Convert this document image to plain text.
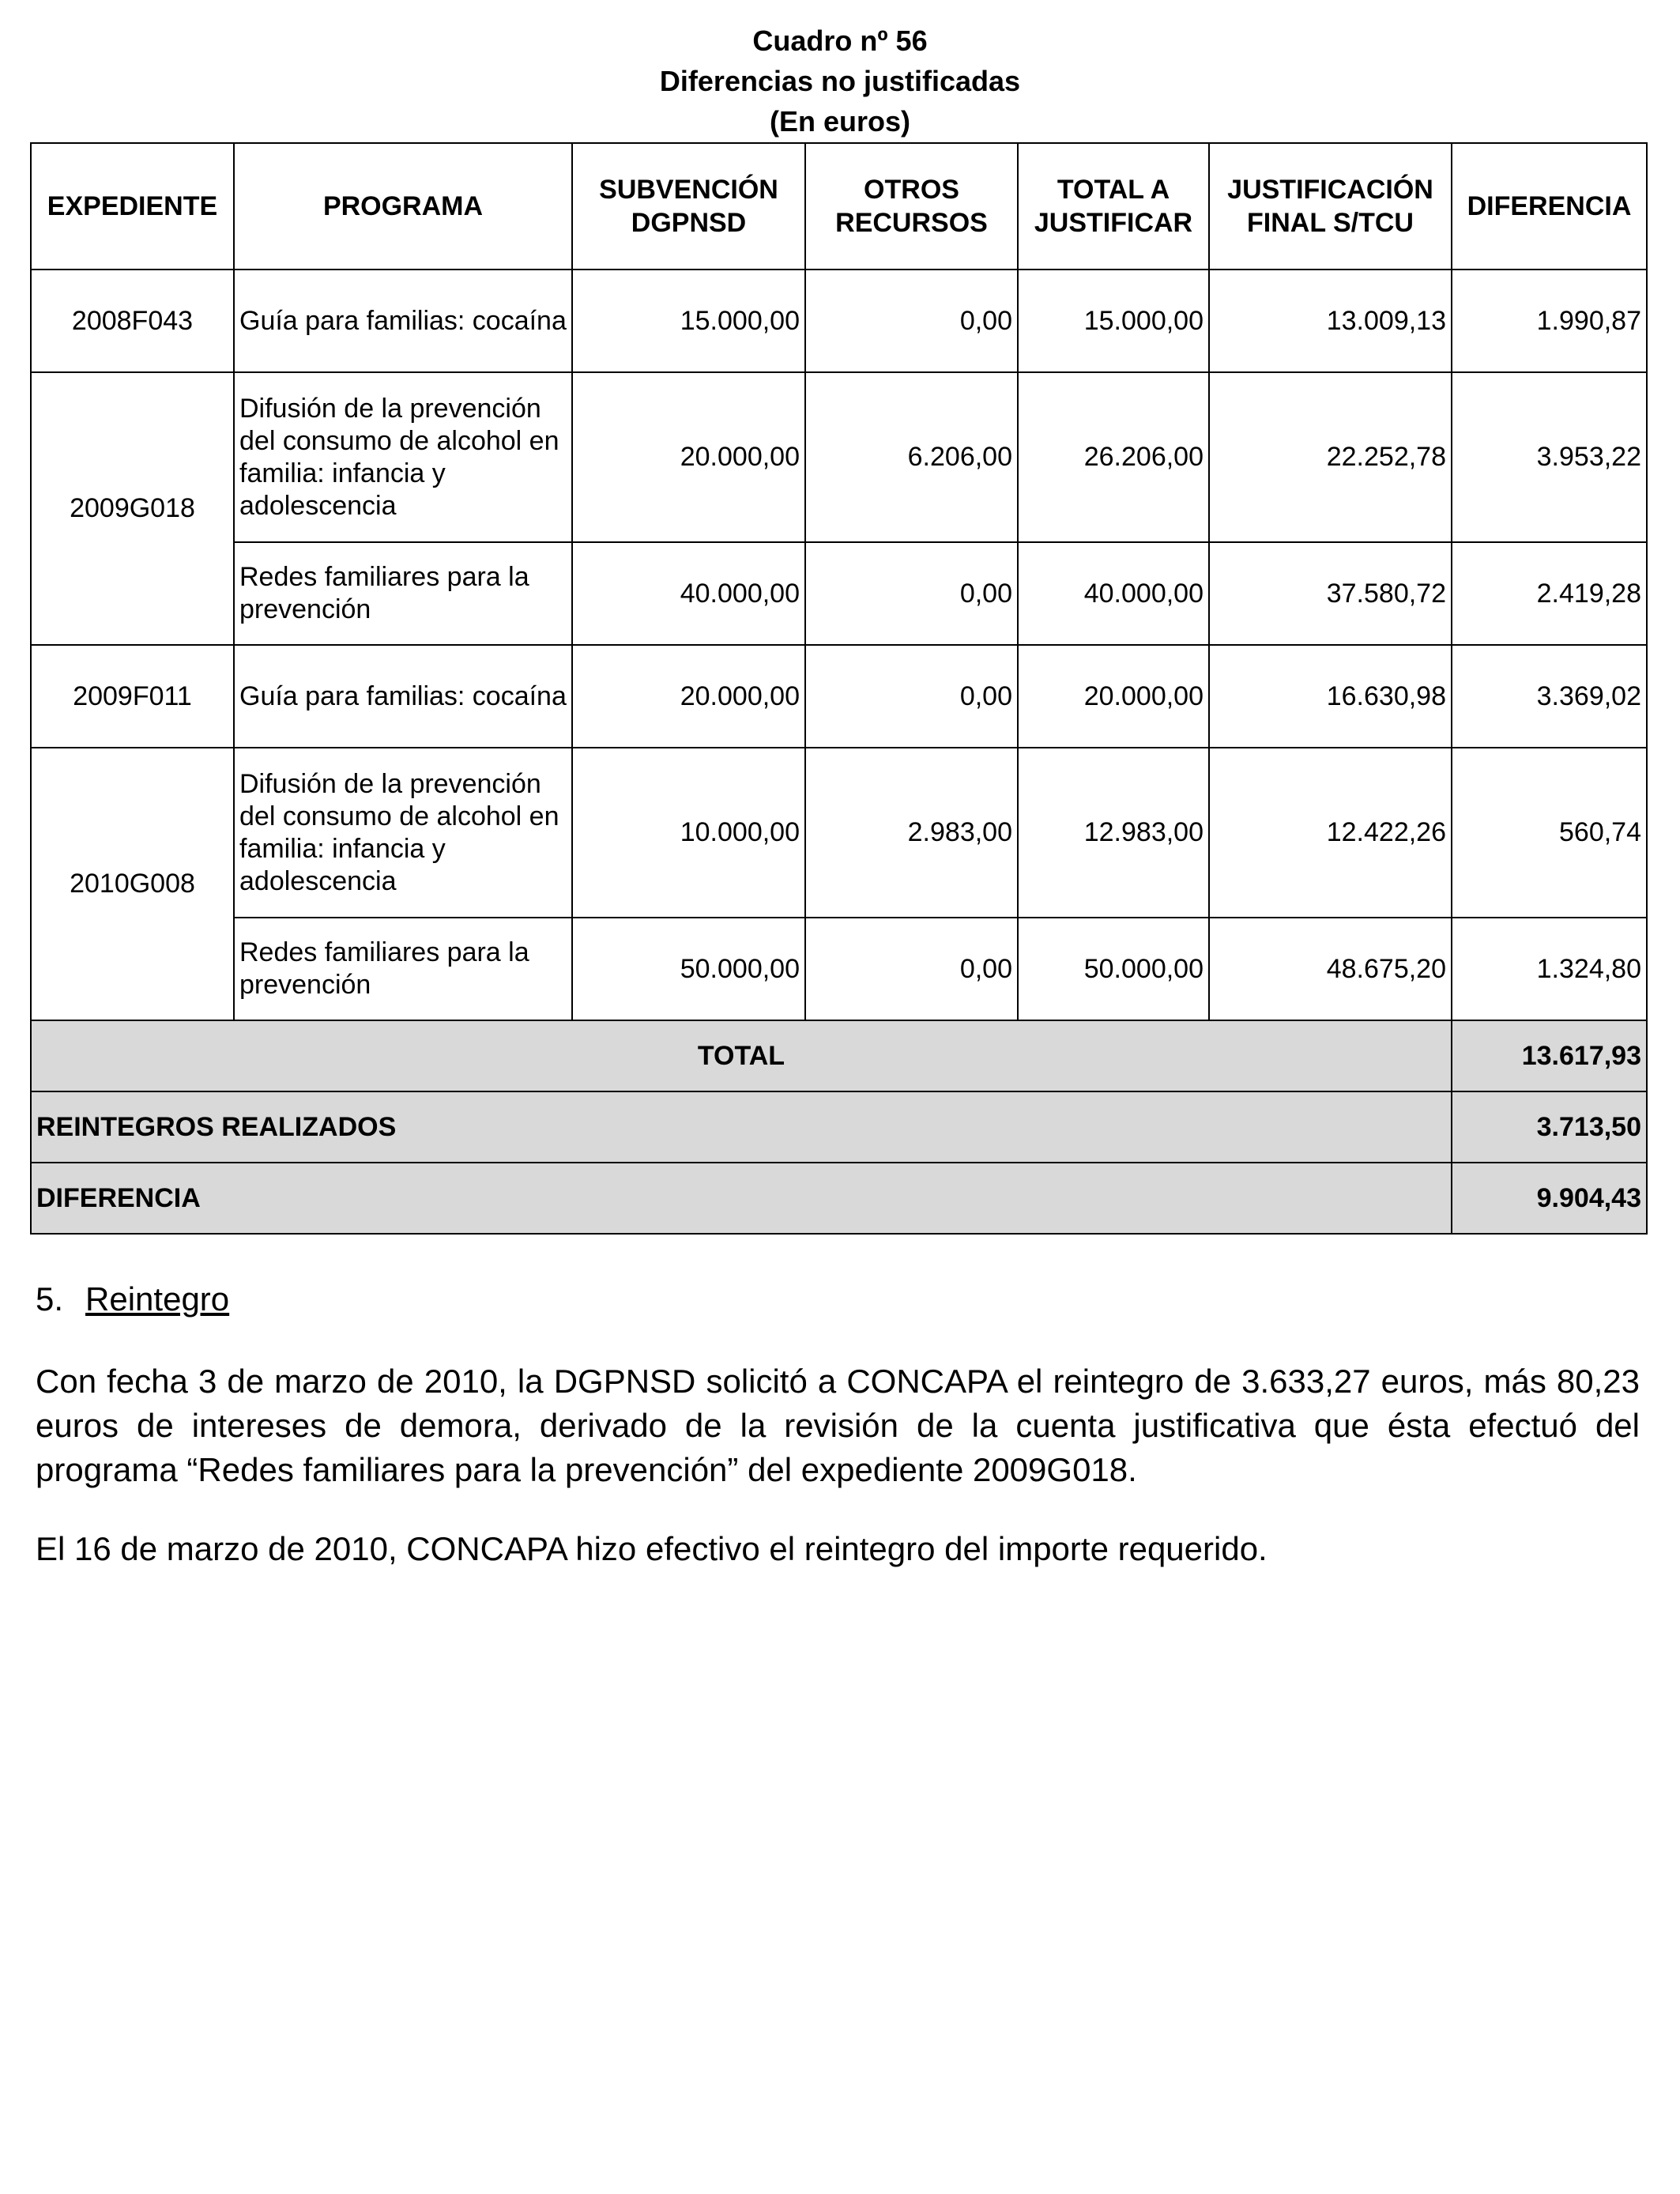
Cuadro nº 56
Diferencias no justificadas
(En euros)
EXPEDIENTE	PROGRAMA	SUBVENCIÓN DGPNSD	OTROS RECURSOS	TOTAL A JUSTIFICAR	JUSTIFICACIÓN FINAL S/TCU	DIFERENCIA
2008F043	Guía para familias: cocaína	15.000,00	0,00	15.000,00	13.009,13	1.990,87
2009G018	Difusión de la prevención del consumo de alcohol en familia: infancia y adolescencia	20.000,00	6.206,00	26.206,00	22.252,78	3.953,22
	Redes familiares para la prevención	40.000,00	0,00	40.000,00	37.580,72	2.419,28
2009F011	Guía para familias: cocaína	20.000,00	0,00	20.000,00	16.630,98	3.369,02
2010G008	Difusión de la prevención del consumo de alcohol en familia: infancia y adolescencia	10.000,00	2.983,00	12.983,00	12.422,26	560,74
	Redes familiares para la prevención	50.000,00	0,00	50.000,00	48.675,20	1.324,80
TOTAL						13.617,93
REINTEGROS REALIZADOS						3.713,50
DIFERENCIA						9.904,43
5. Reintegro

Con fecha 3 de marzo de 2010, la DGPNSD solicitó a CONCAPA el reintegro de 3.633,27 euros, más 80,23 euros de intereses de demora, derivado de la revisión de la cuenta justificativa que ésta efectuó del programa “Redes familiares para la prevención” del expediente 2009G018.

El 16 de marzo de 2010, CONCAPA hizo efectivo el reintegro del importe requerido.
